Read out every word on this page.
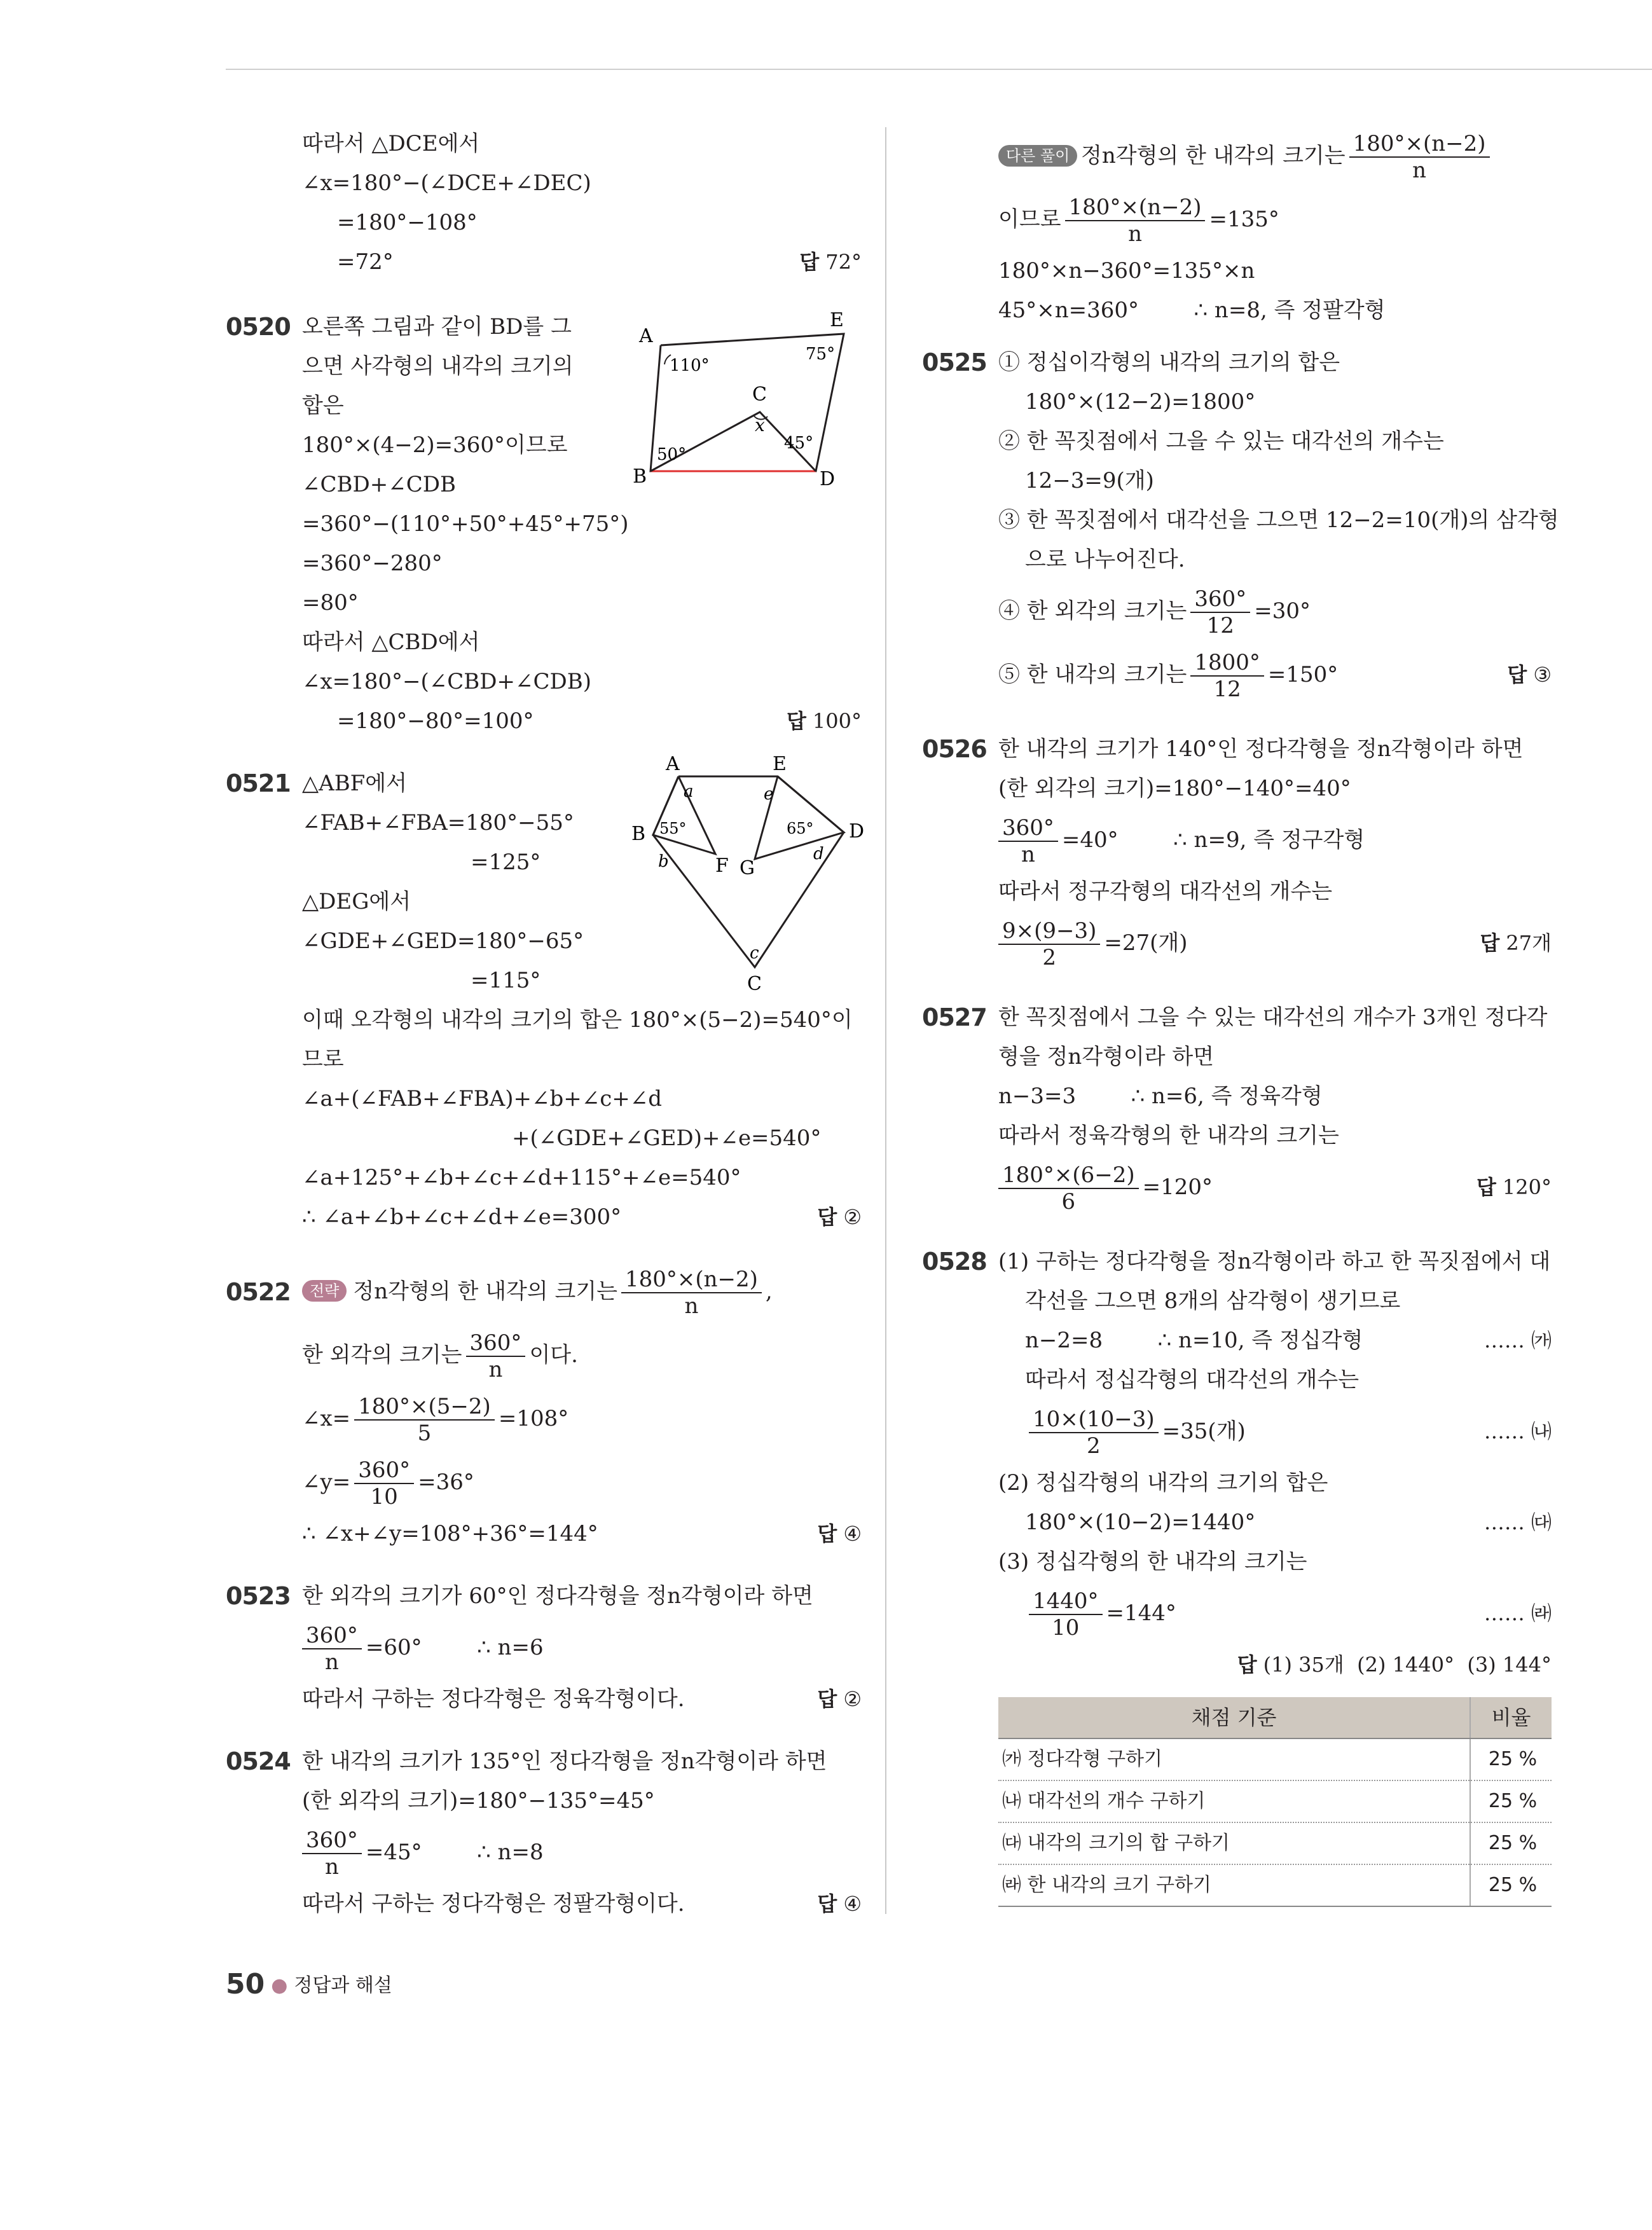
따라서 △DCE에서
∠x=180°−(∠DCE+∠DEC)
=180°−108°
=72°	답 72°
0520 오른쪽 그림과 같이 BD를 그
으면 사각형의 내각의 크기의
합은
180°×(4−2)=360°이므로
∠CBD+∠CDB
=360°−(110°+50°+45°+75°)
=360°−280°
=80°
따라서 △CBD에서
∠x=180°−(∠CBD+∠CDB)
=180°−80°=100°	답 100°
A
B
C
D
E
x
110°
75°
50°
45°
0521 △ABF에서
∠FAB+∠FBA=180°−55°
=125°
△DEG에서
∠GDE+∠GED=180°−65°
=115°
이때 오각형의 내각의 크기의 합은 180°×(5−2)=540°이
므로
∠a+(∠FAB+∠FBA)+∠b+∠c+∠d
+(∠GDE+∠GED)+∠e=540°
∠a+125°+∠b+∠c+∠d+115°+∠e=540°
∴ ∠a+∠b+∠c+∠d+∠e=300°	답 ②
A	E
B	D
C
F G
a
b
c
d
e
55°	65°
0522	전략 정n각형의 한 내각의 크기는 $\frac{180^\circ\times(n-2)}{n}$ ,
한 외각의 크기는 $\frac{360^\circ}{n}$ 이다.
∠x= $\frac{180^\circ\times(5-2)}{5} =108^\circ$
∠y= $\frac{360^\circ}{10} =36^\circ$
∴ ∠x+∠y=108°+36°=144°	답 ④
0523 한 외각의 크기가 60°인 정다각형을 정n각형이라 하면
$\frac{360^\circ}{n} =60^\circ$        ∴ n=6
따라서 구하는 정다각형은 정육각형이다.	답 ②
0524 한 내각의 크기가 135°인 정다각형을 정n각형이라 하면
(한 외각의 크기)=180°−135°=45°
$\frac{360^\circ}{n} =45^\circ$        ∴ n=8
따라서 구하는 정다각형은 정팔각형이다.	답 ④
다른 풀이 정n각형의 한 내각의 크기는 $\frac{180^\circ\times(n-2)}{n}$
이므로 $\frac{180^\circ\times(n-2)}{n} =135^\circ$
180°×n−360°=135°×n
45°×n=360°        ∴ n=8, 즉 정팔각형
0525 ① 정십이각형의 내각의 크기의 합은
180°×(12−2)=1800°
② 한 꼭짓점에서 그을 수 있는 대각선의 개수는
12−3=9(개)
③ 한 꼭짓점에서 대각선을 그으면 12−2=10(개)의 삼각형
으로 나누어진다.
④ 한 외각의 크기는 $\frac{360^\circ}{12} =30^\circ$
⑤ 한 내각의 크기는 $\frac{1800^\circ}{12} =150^\circ$	답 ③
0526 한 내각의 크기가 140°인 정다각형을 정n각형이라 하면
(한 외각의 크기)=180°−140°=40°
$\frac{360^\circ}{n} =40^\circ$        ∴ n=9, 즉 정구각형
따라서 정구각형의 대각선의 개수는
$\frac{9\times(9-3)}{2} =27$(개)	답 27개
0527 한 꼭짓점에서 그을 수 있는 대각선의 개수가 3개인 정다각
형을 정n각형이라 하면
n−3=3        ∴ n=6, 즉 정육각형
따라서 정육각형의 한 내각의 크기는
$\frac{180^\circ\times(6-2)}{6} =120^\circ$	답 120°
0528 (1) 구하는 정다각형을 정n각형이라 하고 한 꼭짓점에서 대
각선을 그으면 8개의 삼각형이 생기므로
n−2=8        ∴ n=10, 즉 정십각형	…… ㈎
따라서 정십각형의 대각선의 개수는
$\frac{10\times(10-3)}{2} =35$(개)	…… ㈏
(2) 정십각형의 내각의 크기의 합은
180°×(10−2)=1440°	…… ㈐
(3) 정십각형의 한 내각의 크기는
$\frac{1440^\circ}{10} =144^\circ$	…… ㈑
답 (1) 35개  (2) 1440°  (3) 144°
채점 기준	비율
㈎ 정다각형 구하기	25 %
㈏ 대각선의 개수 구하기	25 %
㈐ 내각의 크기의 합 구하기	25 %
㈑ 한 내각의 크기 구하기	25 %
50 ● 정답과 해설
